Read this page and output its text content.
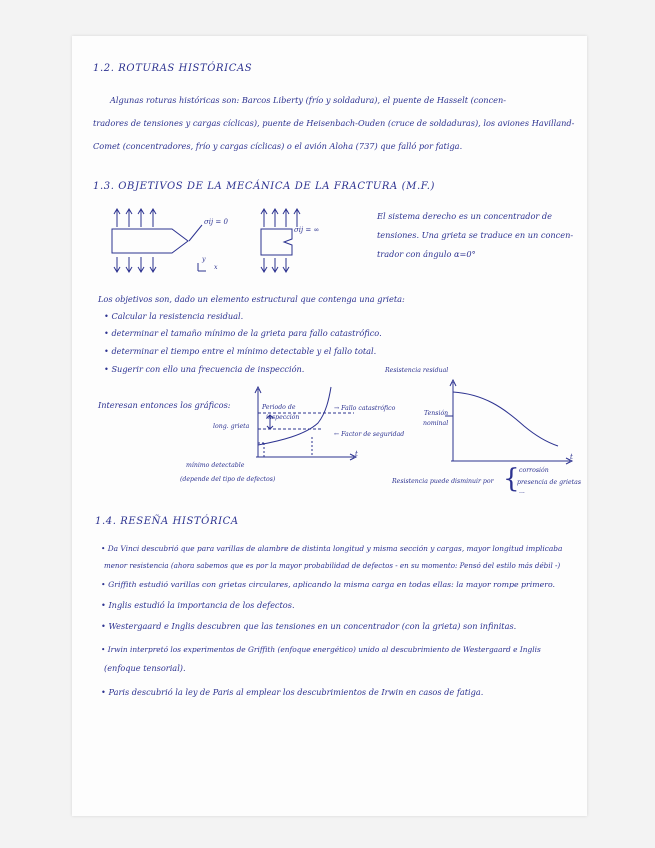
1.2. ROTURAS HISTÓRICAS
Algunas roturas históricas son: Barcos Liberty (frío y soldadura), el puente de Hasselt (concen-
tradores de tensiones y cargas cíclicas), puente de Heisenbach-Ouden (cruce de soldaduras), los aviones Havilland-
Comet (concentradores, frío y cargas cíclicas) o el avión Aloha (737) que falló por fatiga.
1.3. OBJETIVOS DE LA MECÁNICA DE LA FRACTURA (M.F.)
σij = 0
y
x
σij = ∞
El sistema derecho es un concentrador de
tensiones. Una grieta se traduce en un concen-
trador con ángulo α=0°
Los objetivos son, dado un elemento estructural que contenga una grieta:
• Calcular la resistencia residual.
• determinar el tamaño mínimo de la grieta para fallo catastrófico.
• determinar el tiempo entre el mínimo detectable y el fallo total.
• Sugerir con ello una frecuencia de inspección.
Interesan entonces los gráficos:
long. grieta
Periodo de
inspección
→ Fallo catastrófico
← Factor de seguridad
t
mínimo detectable
(depende del tipo de defectos)
Resistencia residual
Tensión
nominal
t
Resistencia puede disminuir por { corrosión
presencia de grietas
...
1.4. RESEÑA HISTÓRICA
• Da Vinci descubrió que para varillas de alambre de distinta longitud y misma sección y cargas, mayor longitud implicaba
menor resistencia (ahora sabemos que es por la mayor probabilidad de defectos - en su momento: Pensó del estilo más débil -)
• Griffith estudió varillas con grietas circulares, aplicando la misma carga en todas ellas: la mayor rompe primero.
• Inglis estudió la importancia de los defectos.
• Westergaard e Inglis descubren que las tensiones en un concentrador (con la grieta) son infinitas.
• Irwin interpretó los experimentos de Griffith (enfoque energético) unido al descubrimiento de Westergaard e Inglis
(enfoque tensorial).
• Paris descubrió la ley de Paris al emplear los descubrimientos de Irwin en casos de fatiga.
